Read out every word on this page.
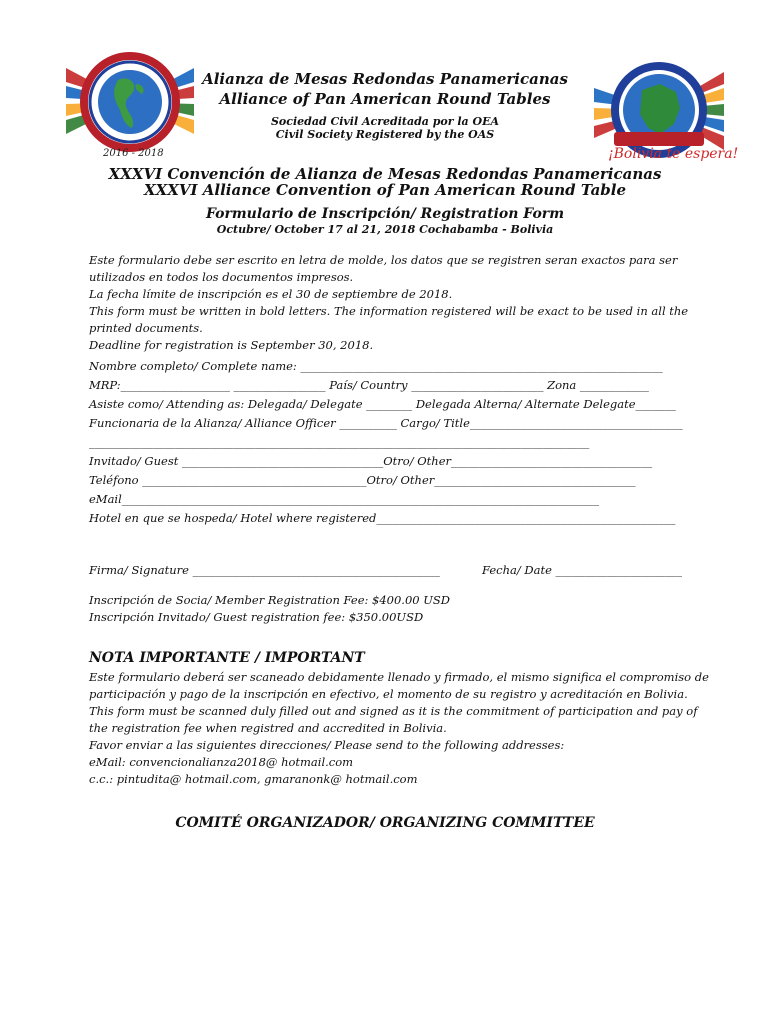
2016 - 2018	¡Bolivia te espera!
Alianza de Mesas Redondas Panamericanas
Alliance of Pan American Round Tables
Sociedad Civil Acreditada por la OEA
Civil Society Registered by the OAS
XXXVI Convención de Alianza de Mesas Redondas Panamericanas
XXXVI Alliance Convention of Pan American Round Table
Formulario de Inscripción/ Registration Form
Octubre/ October 17 al 21, 2018 Cochabamba - Bolivia
Este formulario debe ser escrito en letra de molde, los datos que se registren seran exactos para ser utilizados en todos los documentos impresos.
La fecha límite de inscripción es el 30 de septiembre de 2018.
This form must be written in bold letters. The information registered will be exact to be used in all the printed documents.
Deadline for registration is September 30, 2018.
Nombre completo/ Complete name: _______________________________________________________________
MRP:___________________ ________________ País/ Country _______________________ Zona ____________
Asiste como/ Attending as: Delegada/ Delegate ________ Delegada Alterna/ Alternate Delegate_______
Funcionaria de la Alianza/ Alliance Officer __________ Cargo/ Title_____________________________________
_______________________________________________________________________________________
Invitado/ Guest ___________________________________Otro/ Other___________________________________
Teléfono _______________________________________Otro/ Other___________________________________
eMail___________________________________________________________________________________
Hotel en que se hospeda/ Hotel where registered____________________________________________________
Firma/ Signature ___________________________________________	Fecha/ Date ______________________
Inscripción de Socia/ Member Registration Fee: $400.00 USD
Inscripción Invitado/ Guest registration fee: $350.00USD
NOTA IMPORTANTE / IMPORTANT
Este formulario deberá ser scaneado debidamente llenado y firmado, el mismo significa el compromiso de participación y pago de la inscripción en efectivo, el momento de su registro y acreditación en Bolivia.
This form must be scanned duly filled out and signed as it is the commitment of participation and pay of the registration fee when registred and accredited in Bolivia.
Favor enviar a las siguientes direcciones/ Please send to the following addresses:
eMail: convencionalianza2018@ hotmail.com
c.c.: pintudita@ hotmail.com, gmaranonk@ hotmail.com
COMITÉ ORGANIZADOR/ ORGANIZING COMMITTEE
